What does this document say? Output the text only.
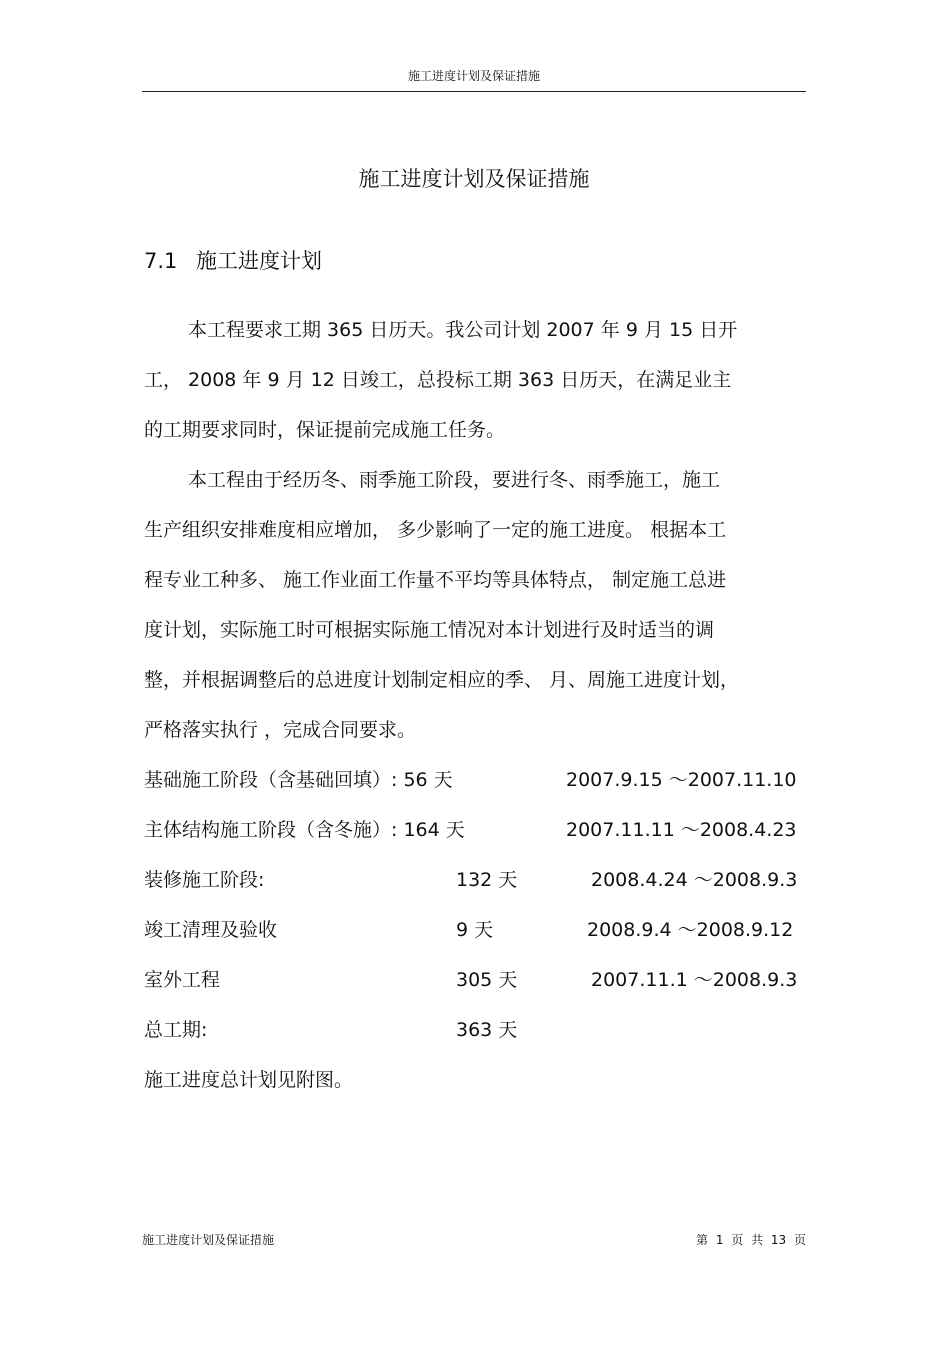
施工进度计划及保证措施
施工进度计划及保证措施
7.1 施工进度计划
本工程要求工期 365 日历天。我公司计划 2007 年 9 月 15 日开
工， 2008 年 9 月 12 日竣工，总投标工期 363 日历天，在满足业主
的工期要求同时，保证提前完成施工任务。
本工程由于经历冬、雨季施工阶段，要进行冬、雨季施工，施工
生产组织安排难度相应增加， 多少影响了一定的施工进度。 根据本工
程专业工种多、 施工作业面工作量不平均等具体特点， 制定施工总进
度计划，实际施工时可根据实际施工情况对本计划进行及时适当的调
整，并根据调整后的总进度计划制定相应的季、 月、周施工进度计划，
严格落实执行 ，完成合同要求。
基础施工阶段（含基础回填）: 56 天	2007.9.15 ～2007.11.10
主体结构施工阶段（含冬施）: 164 天	2007.11.11 ～2008.4.23
装修施工阶段:	132 天	2008.4.24 ～2008.9.3
竣工清理及验收	9 天	2008.9.4 ～2008.9.12
室外工程	305 天	2007.11.1 ～2008.9.3
总工期:	363 天
施工进度总计划见附图。
施工进度计划及保证措施	第 1 页 共 13 页
